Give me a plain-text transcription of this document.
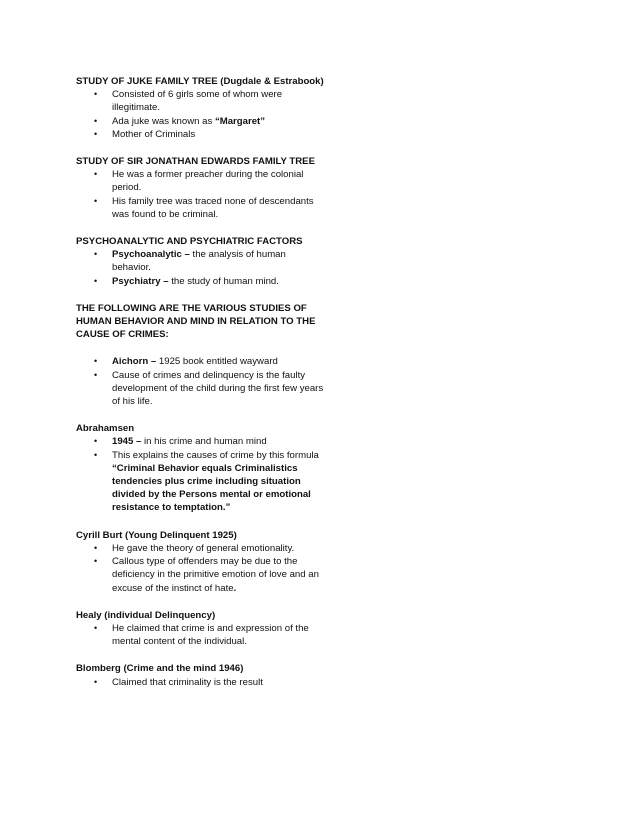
STUDY OF JUKE FAMILY TREE (Dugdale & Estrabook)

• Consisted of 6 girls some of whom were illegitimate.
• Ada juke was known as “Margaret”
• Mother of Criminals

STUDY OF SIR JONATHAN EDWARDS FAMILY TREE

• He was a former preacher during the colonial period.
• His family tree was traced none of descendants was found to be criminal.

PSYCHOANALYTIC AND PSYCHIATRIC FACTORS

• Psychoanalytic – the analysis of human behavior.
• Psychiatry – the study of human mind.

THE FOLLOWING ARE THE VARIOUS STUDIES OF HUMAN BEHAVIOR AND MIND IN RELATION TO THE CAUSE OF CRIMES:

• Aichorn – 1925 book entitled wayward
• Cause of crimes and delinquency is the faulty development of the child during the first few years of his life.

Abrahamsen

• 1945 – in his crime and human mind
• This explains the causes of crime by this formula “Criminal Behavior equals Criminalistics tendencies plus crime including situation divided by the Persons mental or emotional resistance to temptation.”

Cyrill Burt (Young Delinquent 1925)

• He gave the theory of general emotionality.
• Callous type of offenders may be due to the deficiency in the primitive emotion of love and an excuse of the instinct of hate.

Healy (individual Delinquency)

• He claimed that crime is and expression of the mental content of the individual.

Blomberg (Crime and the mind 1946)

• Claimed that criminality is the result
